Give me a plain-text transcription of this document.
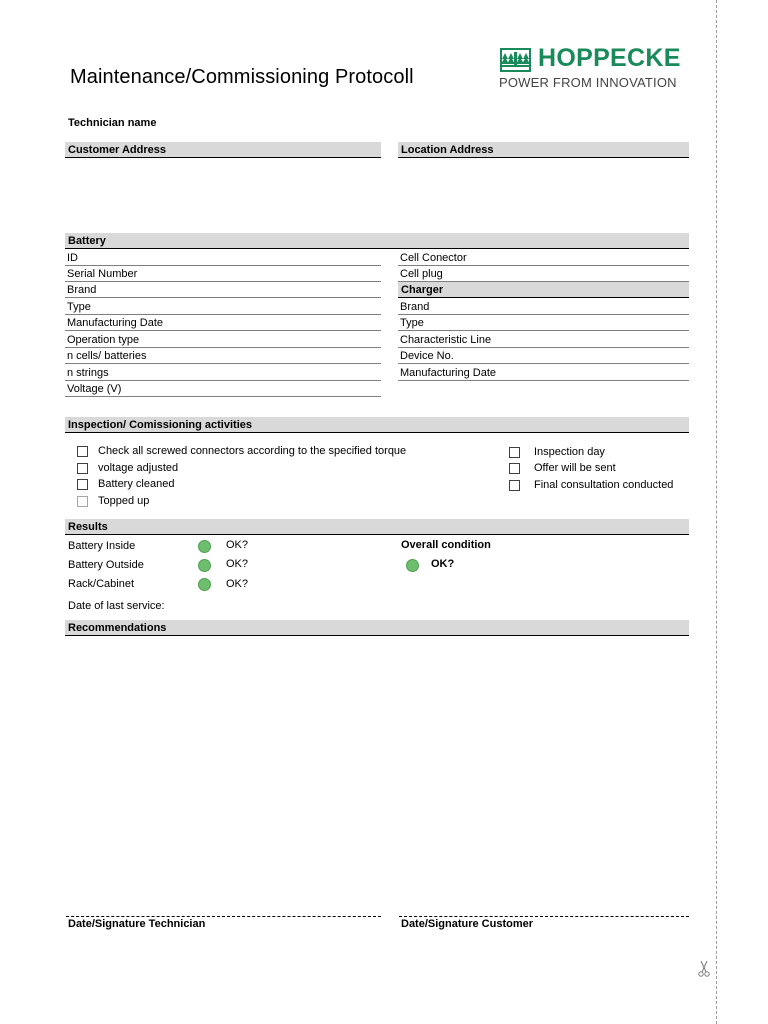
HOPPECKE
POWER FROM INNOVATION
Maintenance/Commissioning Protocoll
Technician name
Customer Address	Location Address
Battery
ID
Serial Number
Brand
Type
Manufacturing Date
Operation type
n cells/ batteries
n strings
Voltage (V)
Cell Conector
Cell plug
Charger
Brand
Type
Characteristic Line
Device No.
Manufacturing Date
Inspection/ Comissioning activities
Check all screwed connectors according to the specified torque
voltage adjusted
Battery cleaned
Topped up
Inspection day
Offer will be sent
Final consultation conducted
Results
Battery Inside	OK?
Battery Outside	OK?
Rack/Cabinet	OK?
Overall condition
OK?
Date of last service:
Recommendations
Date/Signature Technician	Date/Signature Customer
